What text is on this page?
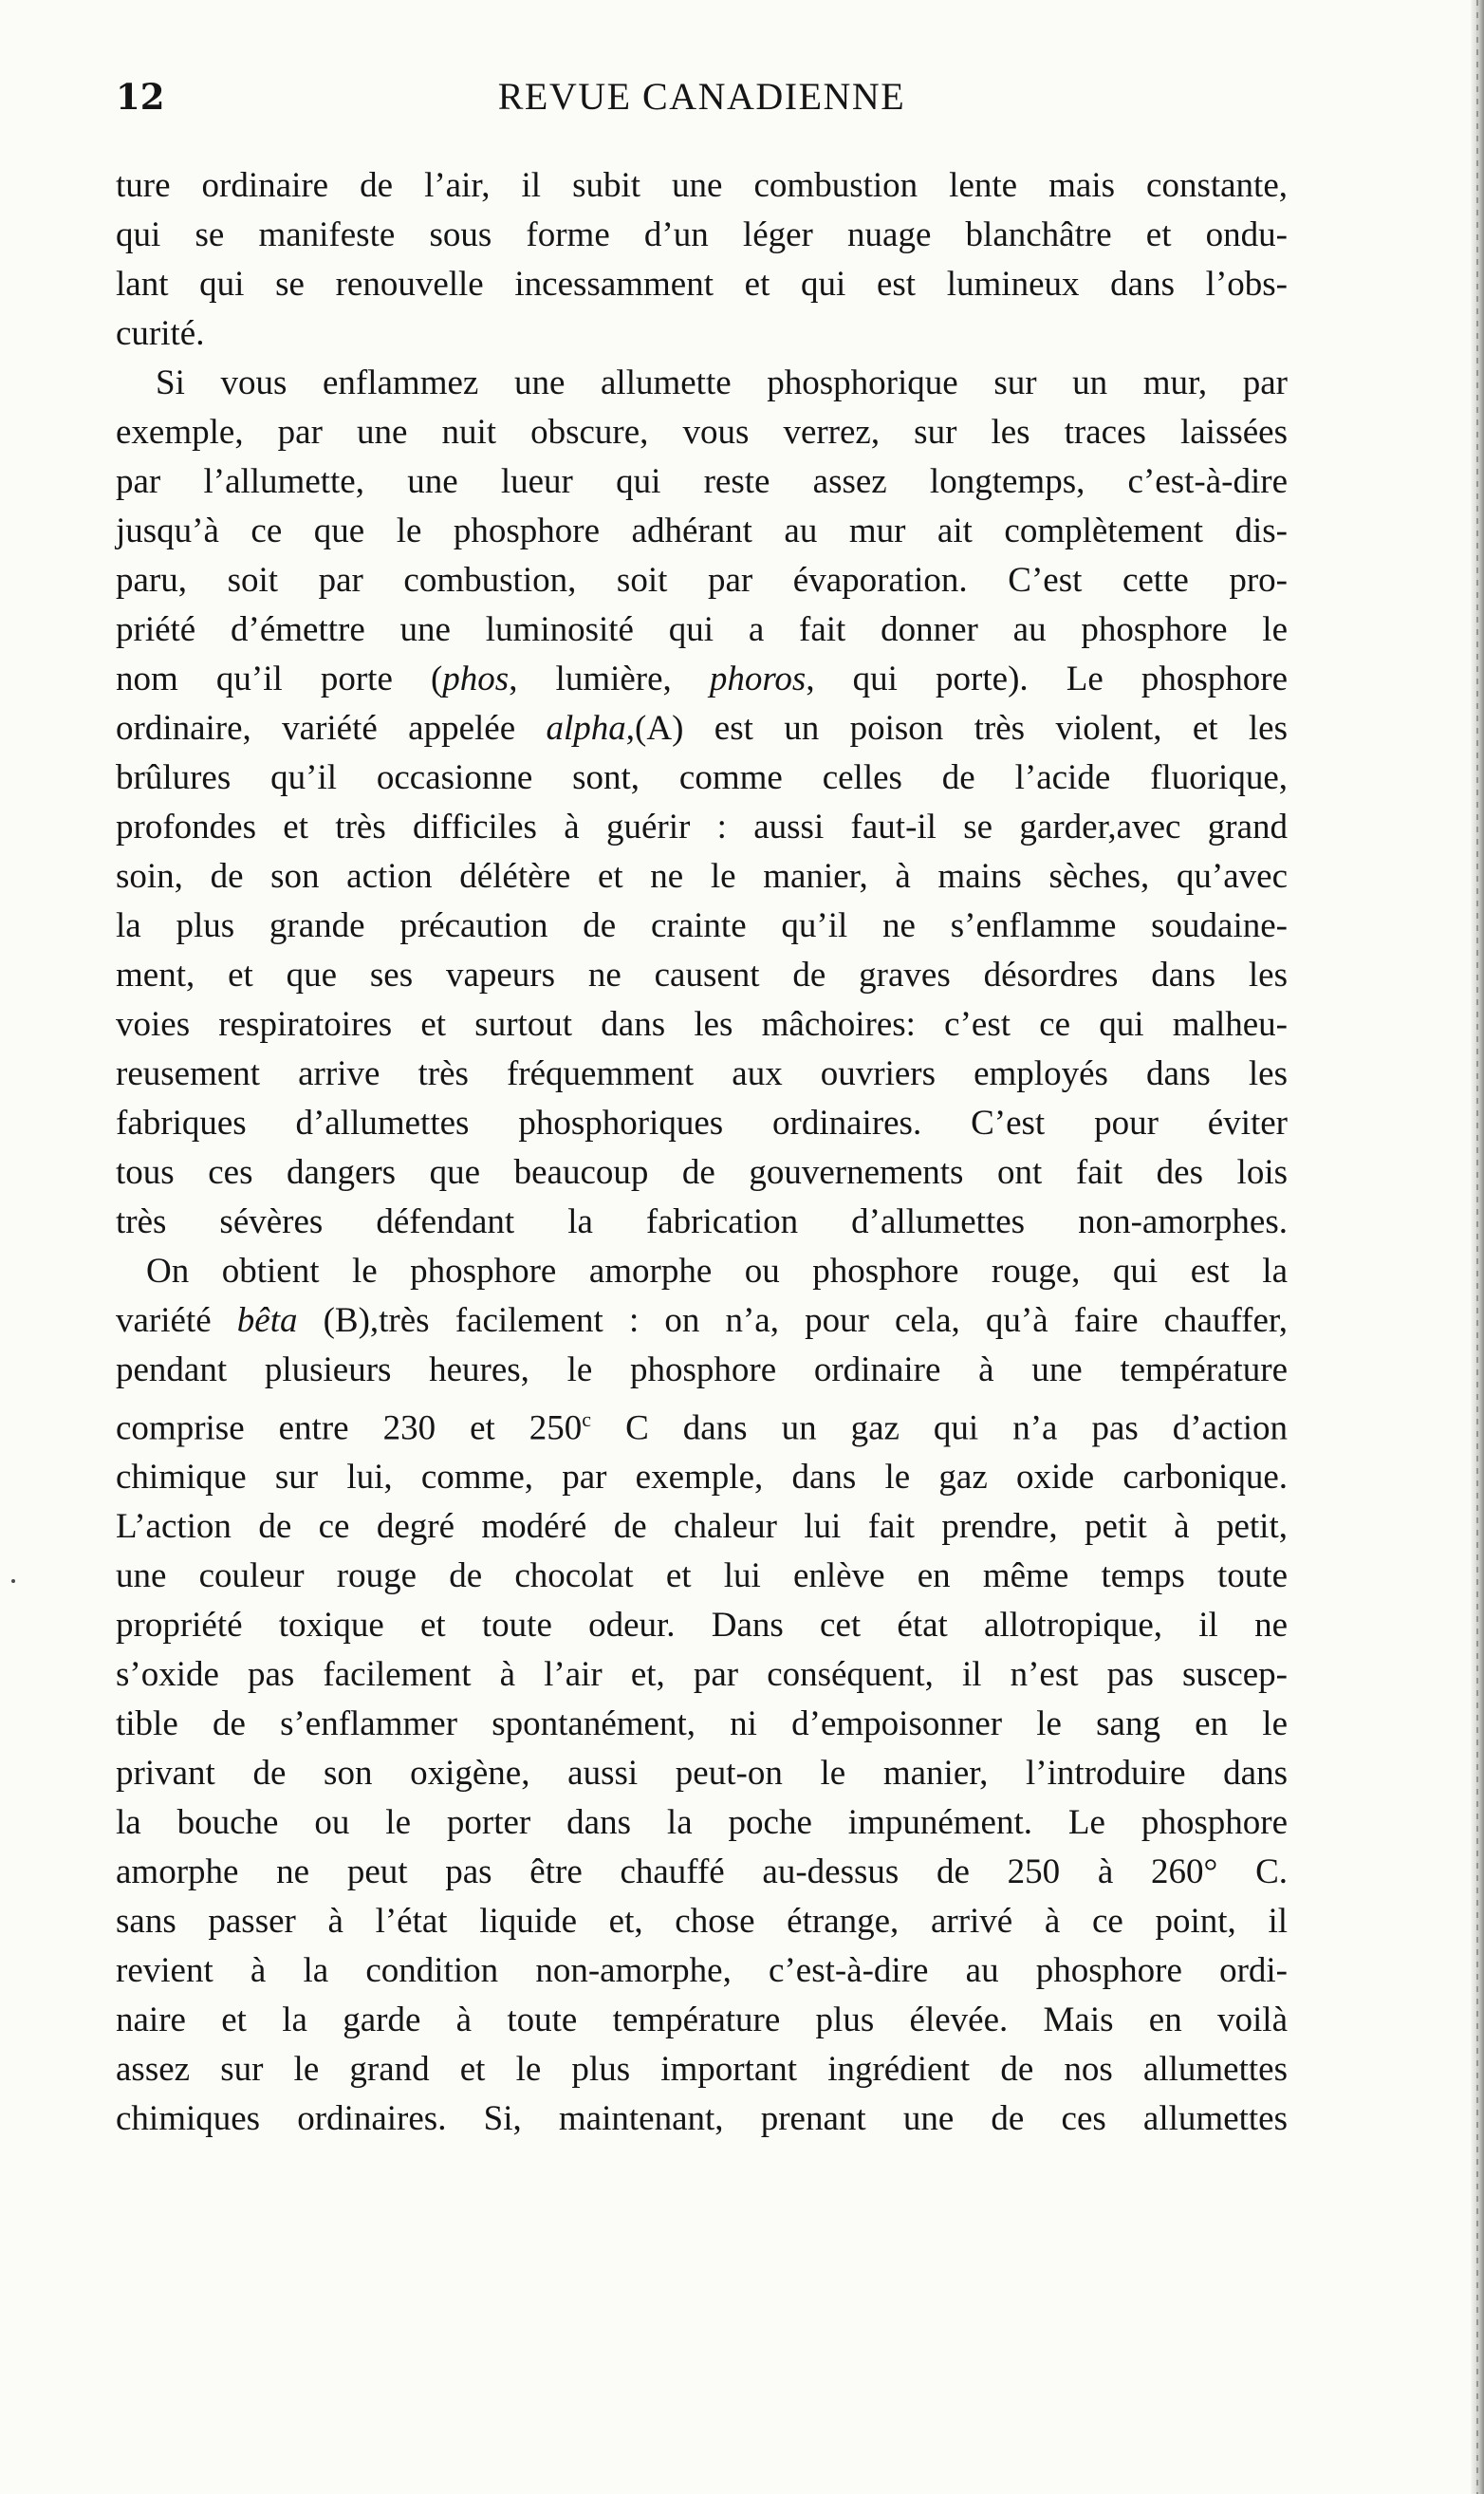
12	REVUE CANADIENNE
ture ordinaire de l’air, il subit une combustion lente mais constante,
qui se manifeste sous forme d’un léger nuage blanchâtre et ondu-
lant qui se renouvelle incessamment et qui est lumineux dans l’obs-
curité.
Si vous enflammez une allumette phosphorique sur un mur, par
exemple, par une nuit obscure, vous verrez, sur les traces laissées
par l’allumette, une lueur qui reste assez longtemps, c’est-à-dire
jusqu’à ce que le phosphore adhérant au mur ait complètement dis-
paru, soit par combustion, soit par évaporation. C’est cette pro-
priété d’émettre une luminosité qui a fait donner au phosphore le
nom qu’il porte (phos, lumière, phoros, qui porte). Le phosphore
ordinaire, variété appelée alpha,(A) est un poison très violent, et les
brûlures qu’il occasionne sont, comme celles de l’acide fluorique,
profondes et très difficiles à guérir : aussi faut-il se garder,avec grand
soin, de son action délétère et ne le manier, à mains sèches, qu’avec
la plus grande précaution de crainte qu’il ne s’enflamme soudaine-
ment, et que ses vapeurs ne causent de graves désordres dans les
voies respiratoires et surtout dans les mâchoires: c’est ce qui malheu-
reusement arrive très fréquemment aux ouvriers employés dans les
fabriques d’allumettes phosphoriques ordinaires. C’est pour éviter
tous ces dangers que beaucoup de gouvernements ont fait des lois
très sévères défendant la fabrication d’allumettes non-amorphes.
On obtient le phosphore amorphe ou phosphore rouge, qui est la
variété bêta (B),très facilement : on n’a, pour cela, qu’à faire chauffer,
pendant plusieurs heures, le phosphore ordinaire à une température
comprise entre 230 et 250$^c$ C dans un gaz qui n’a pas d’action
chimique sur lui, comme, par exemple, dans le gaz oxide carbonique.
L’action de ce degré modéré de chaleur lui fait prendre, petit à petit,
une couleur rouge de chocolat et lui enlève en même temps toute
propriété toxique et toute odeur. Dans cet état allotropique, il ne
s’oxide pas facilement à l’air et, par conséquent, il n’est pas suscep-
tible de s’enflammer spontanément, ni d’empoisonner le sang en le
privant de son oxigène, aussi peut-on le manier, l’introduire dans
la bouche ou le porter dans la poche impunément. Le phosphore
amorphe ne peut pas être chauffé au-dessus de 250 à 260° C.
sans passer à l’état liquide et, chose étrange, arrivé à ce point, il
revient à la condition non-amorphe, c’est-à-dire au phosphore ordi-
naire et la garde à toute température plus élevée. Mais en voilà
assez sur le grand et le plus important ingrédient de nos allumettes
chimiques ordinaires. Si, maintenant, prenant une de ces allumettes
